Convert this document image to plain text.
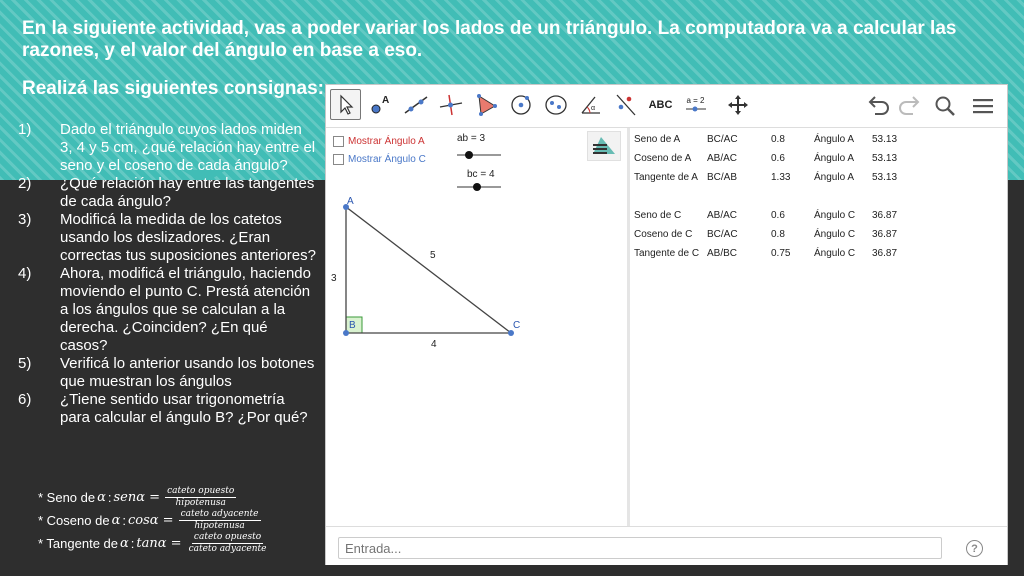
En la siguiente actividad, vas a poder variar los lados de un triángulo. La computadora va a calcular las razones, y el valor del ángulo en base a eso.
Realizá las siguientes consignas:
1)	Dado el triángulo cuyos lados miden 3, 4 y 5 cm, ¿qué relación hay entre el seno y el coseno de cada ángulo?
2)	¿Qué relación hay entre las tangentes de cada ángulo?
3)	Modificá la medida de los catetos usando los deslizadores. ¿Eran correctas tus suposiciones anteriores?
4)	Ahora, modificá el triángulo, haciendo moviendo el punto C. Prestá atención a los ángulos que se calculan a la derecha. ¿Coinciden? ¿En qué casos?
5)	Verificá lo anterior usando los botones que muestran los ángulos
6)	¿Tiene sentido usar trigonometría para calcular el ángulo B? ¿Por qué?
* Seno de α : $sen\alpha = \frac{\text{cateto opuesto}}{\text{hipotenusa}}$
* Coseno de α : $\cos\alpha = \frac{\text{cateto adyacente}}{\text{hipotenusa}}$
* Tangente de α : $\tan\alpha = \frac{\text{cateto opuesto}}{\text{cateto adyacente}}$
A
α	ABC a = 2
Mostrar Ángulo A
Mostrar Ángulo C
ab = 3
bc = 4
A
B	C
3
5
4
Seno de A	BC/AC	0.8	Ángulo A 53.13
Coseno de A AB/AC	0.6	Ángulo A 53.13
Tangente de A BC/AB	1.33 Ángulo A 53.13
Seno de C	AB/AC	0.6	Ángulo C 36.87
Coseno de C BC/AC	0.8	Ángulo C 36.87
Tangente de C AB/BC	0.75 Ángulo C 36.87
Entrada...
?
